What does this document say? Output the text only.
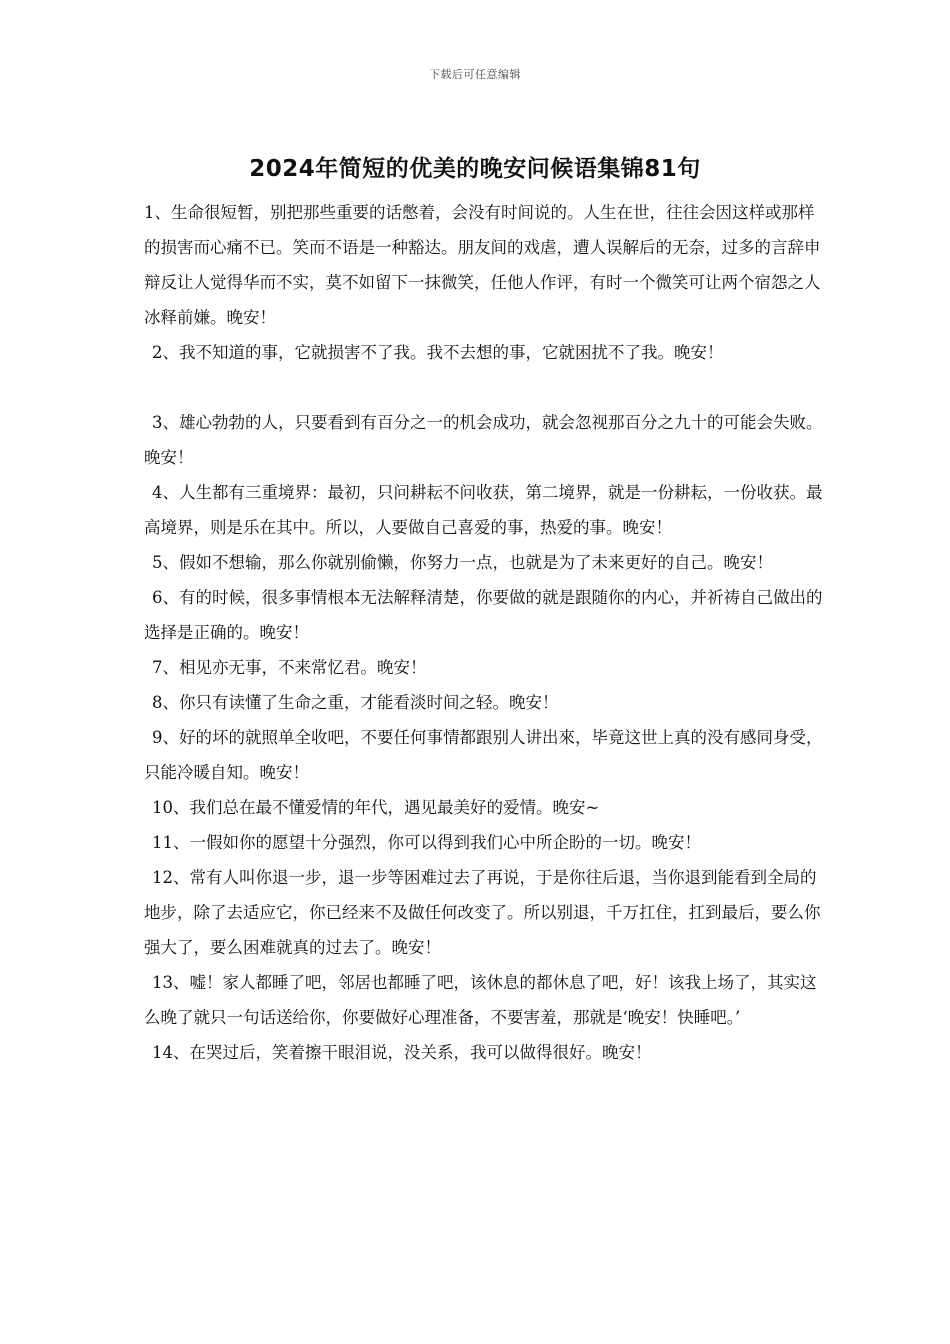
下载后可任意编辑
2024年简短的优美的晚安问候语集锦81句

1、生命很短暂，别把那些重要的话憋着，会没有时间说的。人生在世，往往会因这样或那样的损害而心痛不已。笑而不语是一种豁达。朋友间的戏虐，遭人误解后的无奈，过多的言辞申辩反让人觉得华而不实，莫不如留下一抹微笑，任他人作评，有时一个微笑可让两个宿怨之人冰释前嫌。晚安！

2、我不知道的事，它就损害不了我。我不去想的事，它就困扰不了我。晚安！

3、雄心勃勃的人，只要看到有百分之一的机会成功，就会忽视那百分之九十的可能会失败。晚安！

4、人生都有三重境界：最初，只问耕耘不问收获，第二境界，就是一份耕耘，一份收获。最高境界，则是乐在其中。所以，人要做自己喜爱的事，热爱的事。晚安！

5、假如不想输，那么你就别偷懒，你努力一点，也就是为了未来更好的自己。晚安！

6、有的时候，很多事情根本无法解释清楚，你要做的就是跟随你的内心，并祈祷自己做出的选择是正确的。晚安！

7、相见亦无事，不来常忆君。晚安！

8、你只有读懂了生命之重，才能看淡时间之轻。晚安！

9、好的坏的就照单全收吧，不要任何事情都跟别人讲出來，毕竟这世上真的没有感同身受，只能冷暖自知。晚安！

10、我们总在最不懂爱情的年代，遇见最美好的爱情。晚安~

11、一假如你的愿望十分强烈，你可以得到我们心中所企盼的一切。晚安！

12、常有人叫你退一步，退一步等困难过去了再说，于是你往后退，当你退到能看到全局的地步，除了去适应它，你已经来不及做任何改变了。所以别退，千万扛住，扛到最后，要么你强大了，要么困难就真的过去了。晚安！

13、嘘！家人都睡了吧，邻居也都睡了吧，该休息的都休息了吧，好！该我上场了，其实这么晚了就只一句话送给你，你要做好心理准备，不要害羞，那就是‘晚安！快睡吧。’

14、在哭过后，笑着擦干眼泪说，没关系，我可以做得很好。晚安！
